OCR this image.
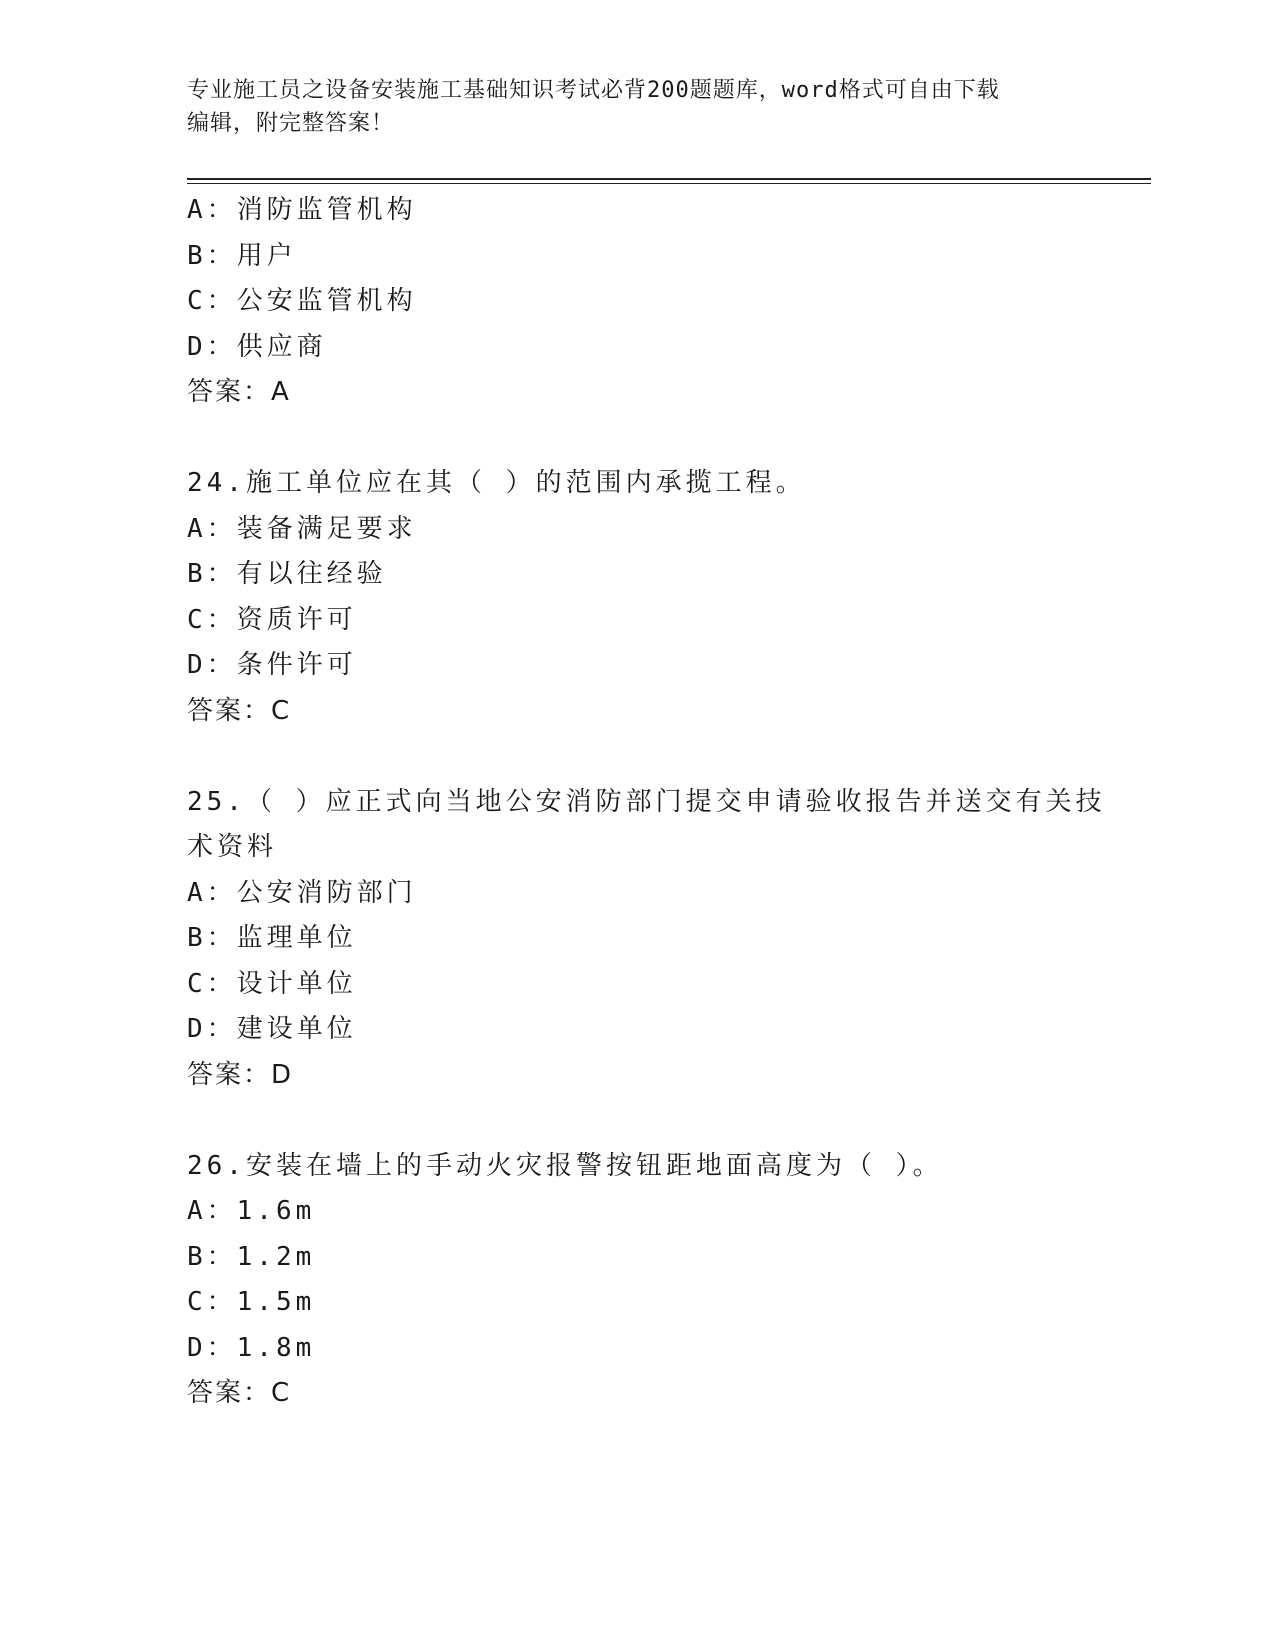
专业施工员之设备安装施工基础知识考试必背200题题库，word格式可自由下载
编辑，附完整答案！
A：消防监管机构
B：用户
C：公安监管机构
D：供应商
答案：A
24.施工单位应在其（ ）的范围内承揽工程。
A：装备满足要求
B：有以往经验
C：资质许可
D：条件许可
答案：C
25.（ ）应正式向当地公安消防部门提交申请验收报告并送交有关技
术资料
A：公安消防部门
B：监理单位
C：设计单位
D：建设单位
答案：D
26.安装在墙上的手动火灾报警按钮距地面高度为（ ）。
A：1.6m
B：1.2m
C：1.5m
D：1.8m
答案：C
